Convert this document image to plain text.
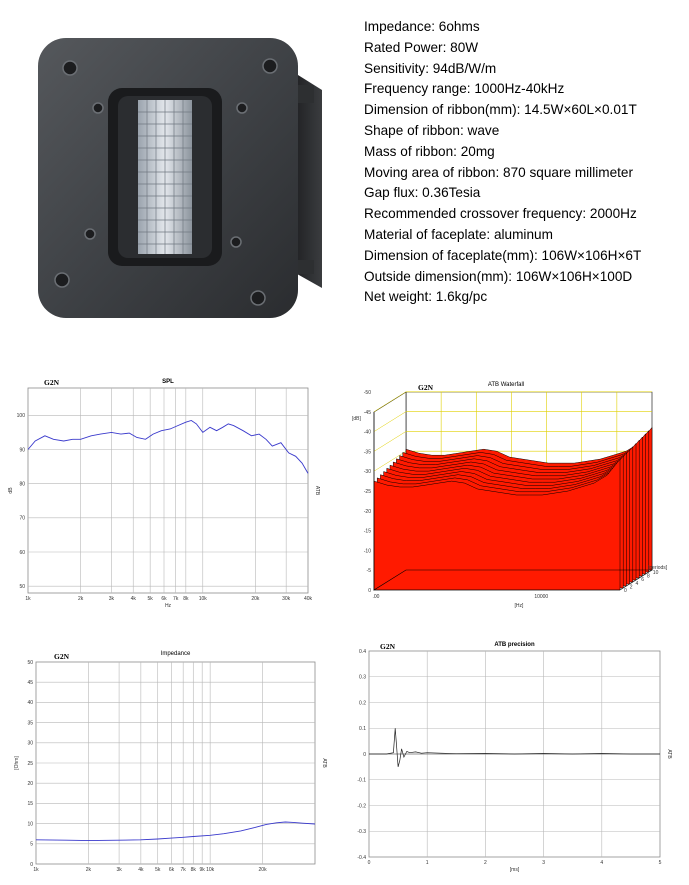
Impedance: 6ohms
Rated Power: 80W
Sensitivity: 94dB/W/m
Frequency range: 1000Hz-40kHz
Dimension of ribbon(mm): 14.5W×60L×0.01T
Shape of ribbon: wave
Mass of ribbon: 20mg
Moving area of ribbon: 870 square millimeter
Gap flux: 0.36Tesia
Recommended crossover frequency: 2000Hz
Material of faceplate: aluminum
Dimension of faceplate(mm): 106W×106H×6T
Outside dimension(mm): 106W×106H×100D
Net weight: 1.6kg/pc
1k	2k	3k	4k 5k 6k 7k 8k 10k	20k	30k	40k
50
60
70
80
90
100
G2N	SPL
Hz
dB	ATB
0
-5
-10
-15
-20
-25
-30
-35
-40
-45
-50
.00	10000
[Hz]
0
2
4
6
8
10
[periods]
[dB]
G2N	ATB Waterfall
1k	2k	3k	4k 5k 6k 7k 8k 9k 10k	20k
0
5
10
15
20
25
30
35
40
45
50
G2N	Impedance
[Ohm]	ATB
0	1	2	3	4	5
0.4
0.3
0.2
0.1
0
-0.1
-0.2
-0.3
-0.4
G2N	ATB precision
[ms]
ATB
